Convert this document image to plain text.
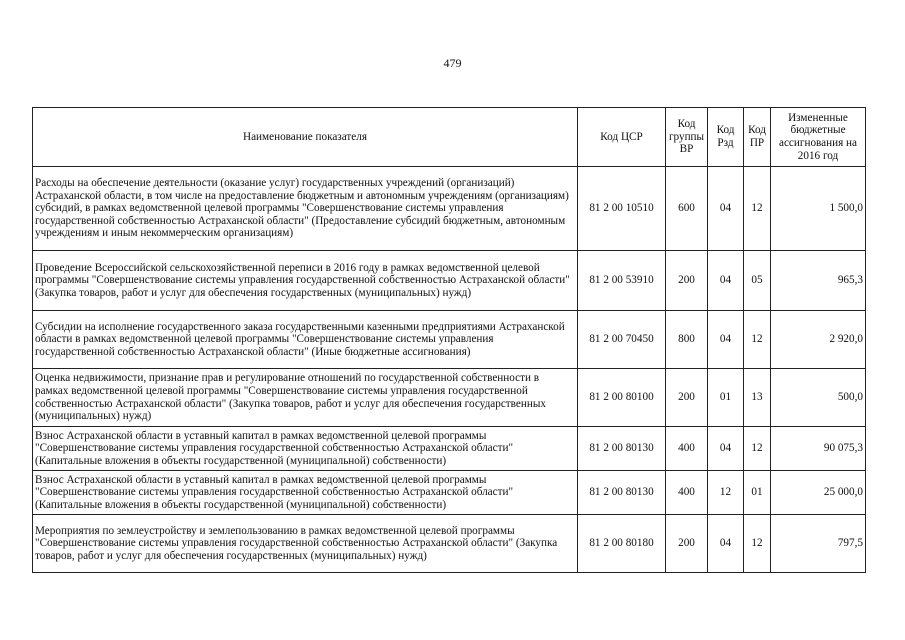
479
Наименование показателя	Код ЦСР	Код группы ВР	Код Рзд	Код ПР	Измененные бюджетные ассигнования на 2016 год
Расходы на обеспечение деятельности (оказание услуг) государственных учреждений (организаций) Астраханской области, в том числе на предоставление бюджетным и автономным учреждениям (организациям) субсидий, в рамках ведомственной целевой программы "Совершенствование системы управления государственной собственностью Астраханской области" (Предоставление субсидий бюджетным, автономным учреждениям и иным некоммерческим организациям)	81 2 00 10510	600	04	12	1 500,0
Проведение Всероссийской сельскохозяйственной переписи в 2016 году в рамках ведомственной целевой программы "Совершенствование системы управления государственной собственностью Астраханской области" (Закупка товаров, работ и услуг для обеспечения государственных (муниципальных) нужд)	81 2 00 53910	200	04	05	965,3
Субсидии на исполнение государственного заказа государственными казенными предприятиями Астраханской области в рамках ведомственной целевой программы "Совершенствование системы управления государственной собственностью Астраханской области" (Иные бюджетные ассигнования)	81 2 00 70450	800	04	12	2 920,0
Оценка недвижимости, признание прав и регулирование отношений по государственной собственности в рамках ведомственной целевой программы "Совершенствование системы управления государственной собственностью Астраханской области" (Закупка товаров, работ и услуг для обеспечения государственных (муниципальных) нужд)	81 2 00 80100	200	01	13	500,0
Взнос Астраханской области в уставный капитал в рамках ведомственной целевой программы "Совершенствование системы управления государственной собственностью Астраханской области" (Капитальные вложения в объекты государственной (муниципальной) собственности)	81 2 00 80130	400	04	12	90 075,3
Взнос Астраханской области в уставный капитал в рамках ведомственной целевой программы "Совершенствование системы управления государственной собственностью Астраханской области" (Капитальные вложения в объекты государственной (муниципальной) собственности)	81 2 00 80130	400	12	01	25 000,0
Мероприятия по землеустройству и землепользованию в рамках ведомственной целевой программы "Совершенствование системы управления государственной собственностью Астраханской области" (Закупка товаров, работ и услуг для обеспечения государственных (муниципальных) нужд)	81 2 00 80180	200	04	12	797,5
